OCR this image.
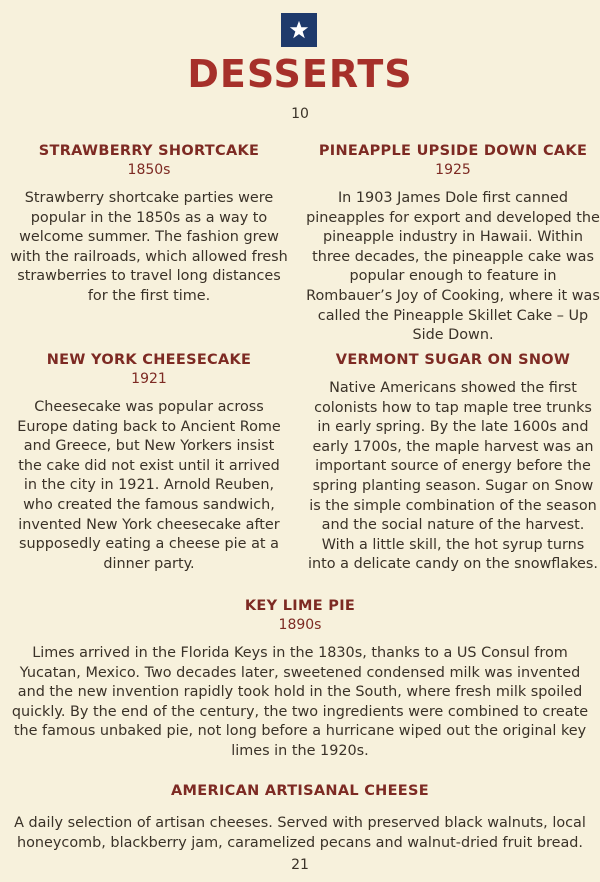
DESSERTS
10

STRAWBERRY SHORTCAKE

1850s

Strawberry shortcake parties were popular in the 1850s as a way to welcome summer. The fashion grew with the railroads, which allowed fresh strawberries to travel long distances for the first time.

PINEAPPLE UPSIDE DOWN CAKE

1925

In 1903 James Dole first canned pineapples for export and developed the pineapple industry in Hawaii. Within three decades, the pineapple cake was popular enough to feature in Rombauer’s Joy of Cooking, where it was called the Pineapple Skillet Cake – Up Side Down.

NEW YORK CHEESECAKE

1921

Cheesecake was popular across Europe dating back to Ancient Rome and Greece, but New Yorkers insist the cake did not exist until it arrived in the city in 1921. Arnold Reuben, who created the famous sandwich, invented New York cheesecake after supposedly eating a cheese pie at a dinner party.

VERMONT SUGAR ON SNOW

Native Americans showed the first colonists how to tap maple tree trunks in early spring. By the late 1600s and early 1700s, the maple harvest was an important source of energy before the spring planting season. Sugar on Snow is the simple combination of the season and the social nature of the harvest. With a little skill, the hot syrup turns into a delicate candy on the snowflakes.

KEY LIME PIE

1890s

Limes arrived in the Florida Keys in the 1830s, thanks to a US Consul from Yucatan, Mexico. Two decades later, sweetened condensed milk was invented and the new invention rapidly took hold in the South, where fresh milk spoiled quickly. By the end of the century, the two ingredients were combined to create the famous unbaked pie, not long before a hurricane wiped out the original key limes in the 1920s.

AMERICAN ARTISANAL CHEESE

A daily selection of artisan cheeses. Served with preserved black walnuts, local honeycomb, blackberry jam, caramelized pecans and walnut-dried fruit bread.

21
